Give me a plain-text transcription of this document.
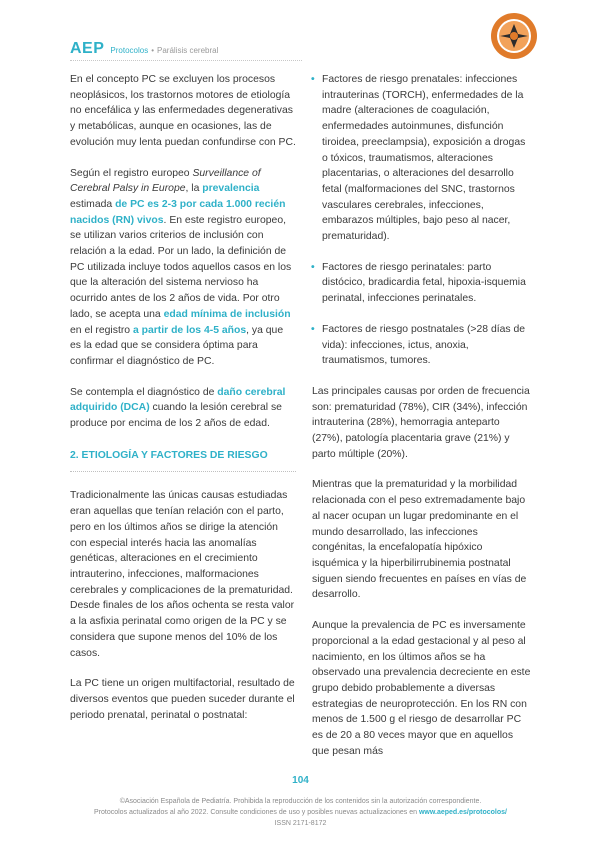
AEP Protocolos • Parálisis cerebral

En el concepto PC se excluyen los procesos neoplásicos, los trastornos motores de etiología no encefálica y las enfermedades degenerativas y metabólicas, aunque en ocasiones, las de evolución muy lenta puedan confundirse con PC.

Según el registro europeo Surveillance of Cerebral Palsy in Europe, la prevalencia estimada de PC es 2-3 por cada 1.000 recién nacidos (RN) vivos. En este registro europeo, se utilizan varios criterios de inclusión con relación a la edad. Por un lado, la definición de PC utilizada incluye todos aquellos casos en los que la alteración del sistema nervioso ha ocurrido antes de los 2 años de vida. Por otro lado, se acepta una edad mínima de inclusión en el registro a partir de los 4-5 años, ya que es la edad que se considera óptima para confirmar el diagnóstico de PC.

Se contempla el diagnóstico de daño cerebral adquirido (DCA) cuando la lesión cerebral se produce por encima de los 2 años de edad.

2. ETIOLOGÍA Y FACTORES DE RIESGO

Tradicionalmente las únicas causas estudiadas eran aquellas que tenían relación con el parto, pero en los últimos años se dirige la atención con especial interés hacia las anomalías genéticas, alteraciones en el crecimiento intrauterino, infecciones, malformaciones cerebrales y complicaciones de la prematuridad. Desde finales de los años ochenta se resta valor a la asfixia perinatal como origen de la PC y se considera que supone menos del 10% de los casos.

La PC tiene un origen multifactorial, resultado de diversos eventos que pueden suceder durante el periodo prenatal, perinatal o postnatal:

• Factores de riesgo prenatales: infecciones intrauterinas (TORCH), enfermedades de la madre (alteraciones de coagulación, enfermedades autoinmunes, disfunción tiroidea, preeclampsia), exposición a drogas o tóxicos, traumatismos, alteraciones placentarias, o alteraciones del desarrollo fetal (malformaciones del SNC, trastornos vasculares cerebrales, infecciones, embarazos múltiples, bajo peso al nacer, prematuridad).
• Factores de riesgo perinatales: parto distócico, bradicardia fetal, hipoxia-isquemia perinatal, infecciones perinatales.
• Factores de riesgo postnatales (>28 días de vida): infecciones, ictus, anoxia, traumatismos, tumores.

Las principales causas por orden de frecuencia son: prematuridad (78%), CIR (34%), infección intrauterina (28%), hemorragia anteparto (27%), patología placentaria grave (21%) y parto múltiple (20%).

Mientras que la prematuridad y la morbilidad relacionada con el peso extremadamente bajo al nacer ocupan un lugar predominante en el mundo desarrollado, las infecciones congénitas, la encefalopatía hipóxico isquémica y la hiperbilirrubinemia postnatal siguen siendo frecuentes en países en vías de desarrollo.

Aunque la prevalencia de PC es inversamente proporcional a la edad gestacional y al peso al nacimiento, en los últimos años se ha observado una prevalencia decreciente en este grupo debido probablemente a diversas estrategias de neuroprotección. En los RN con menos de 1.500 g el riesgo de desarrollar PC es de 20 a 80 veces mayor que en aquellos que pesan más

104
©Asociación Española de Pediatría. Prohibida la reproducción de los contenidos sin la autorización correspondiente.
Protocolos actualizados al año 2022. Consulte condiciones de uso y posibles nuevas actualizaciones en www.aeped.es/protocolos/
ISSN 2171-8172
